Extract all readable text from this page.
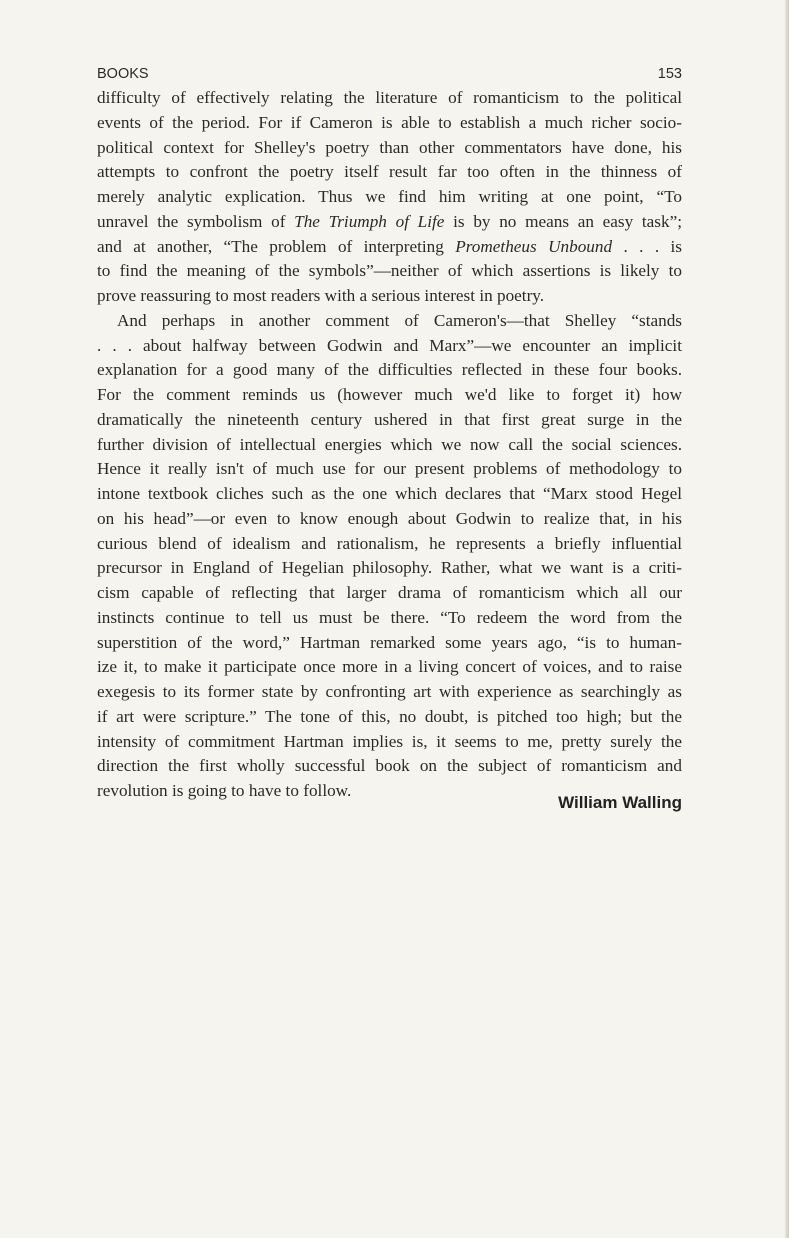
BOOKS	153
difficulty of effectively relating the literature of romanticism to the political
events of the period. For if Cameron is able to establish a much richer socio-
political context for Shelley's poetry than other commentators have done, his
attempts to confront the poetry itself result far too often in the thinness of
merely analytic explication. Thus we find him writing at one point, “To
unravel the symbolism of The Triumph of Life is by no means an easy task”;
and at another, “The problem of interpreting Prometheus Unbound . . . is
to find the meaning of the symbols”—neither of which assertions is likely to
prove reassuring to most readers with a serious interest in poetry.
And perhaps in another comment of Cameron's—that Shelley “stands
. . . about halfway between Godwin and Marx”—we encounter an implicit
explanation for a good many of the difficulties reflected in these four books.
For the comment reminds us (however much we'd like to forget it) how
dramatically the nineteenth century ushered in that first great surge in the
further division of intellectual energies which we now call the social sciences.
Hence it really isn't of much use for our present problems of methodology to
intone textbook cliches such as the one which declares that “Marx stood Hegel
on his head”—or even to know enough about Godwin to realize that, in his
curious blend of idealism and rationalism, he represents a briefly influential
precursor in England of Hegelian philosophy. Rather, what we want is a criti-
cism capable of reflecting that larger drama of romanticism which all our
instincts continue to tell us must be there. “To redeem the word from the
superstition of the word,” Hartman remarked some years ago, “is to human-
ize it, to make it participate once more in a living concert of voices, and to raise
exegesis to its former state by confronting art with experience as searchingly as
if art were scripture.” The tone of this, no doubt, is pitched too high; but the
intensity of commitment Hartman implies is, it seems to me, pretty surely the
direction the first wholly successful book on the subject of romanticism and
revolution is going to have to follow.
William Walling
